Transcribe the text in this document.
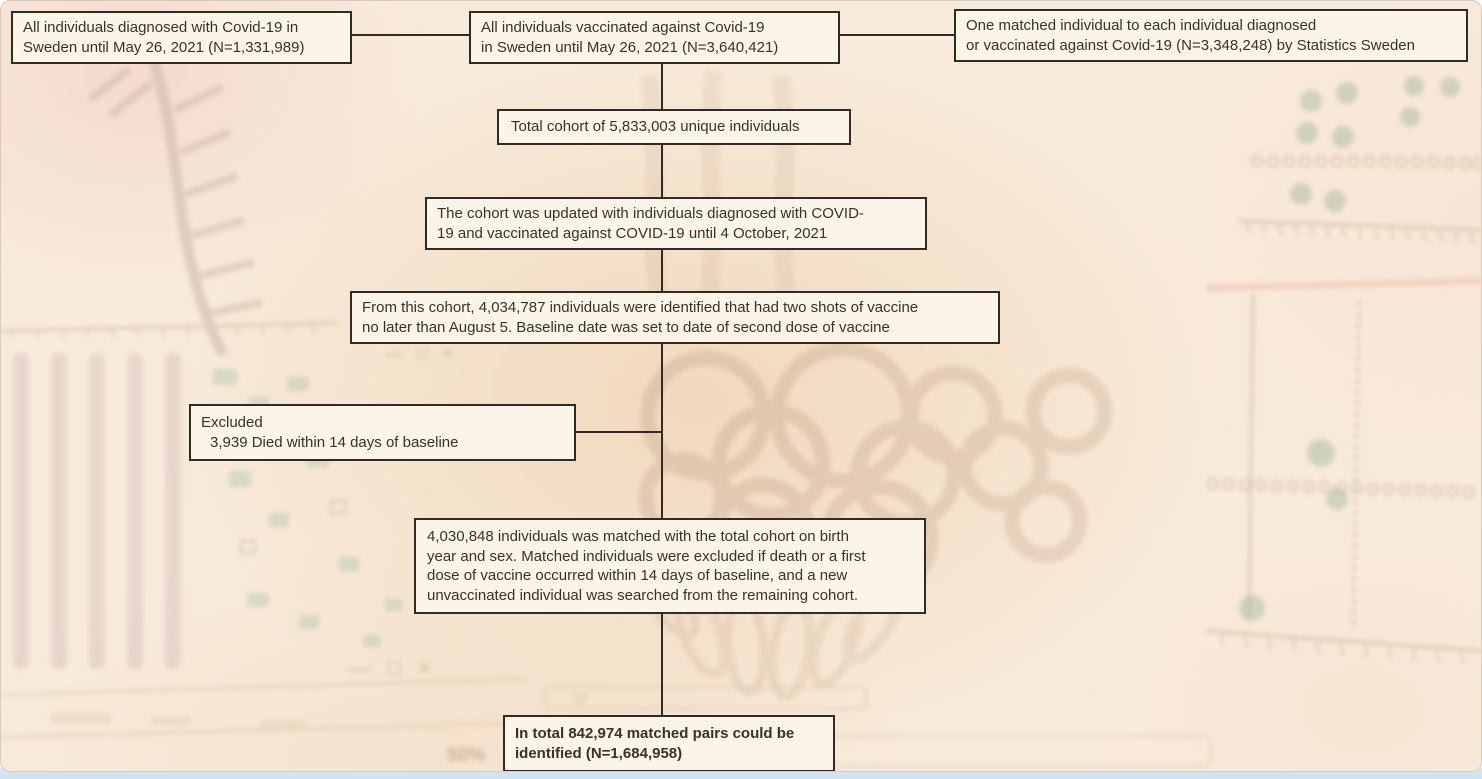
— □ ×
— □ ×
▽
50%
All individuals diagnosed with Covid-19 in
Sweden until May 26, 2021 (N=1,331,989)
All individuals vaccinated against Covid-19
in Sweden until May 26, 2021 (N=3,640,421)
One matched individual to each individual diagnosed
or vaccinated against Covid-19 (N=3,348,248) by Statistics Sweden
Total cohort of 5,833,003 unique individuals
The cohort was updated with individuals diagnosed with COVID-
19 and vaccinated against COVID-19 until 4 October, 2021
From this cohort, 4,034,787 individuals were identified that had two shots of vaccine
no later than August 5. Baseline date was set to date of second dose of vaccine
Excluded
3,939 Died within 14 days of baseline
4,030,848 individuals was matched with the total cohort on birth
year and sex. Matched individuals were excluded if death or a first
dose of vaccine occurred within 14 days of baseline, and a new
unvaccinated individual was searched from the remaining cohort.
In total 842,974 matched pairs could be
identified (N=1,684,958)
